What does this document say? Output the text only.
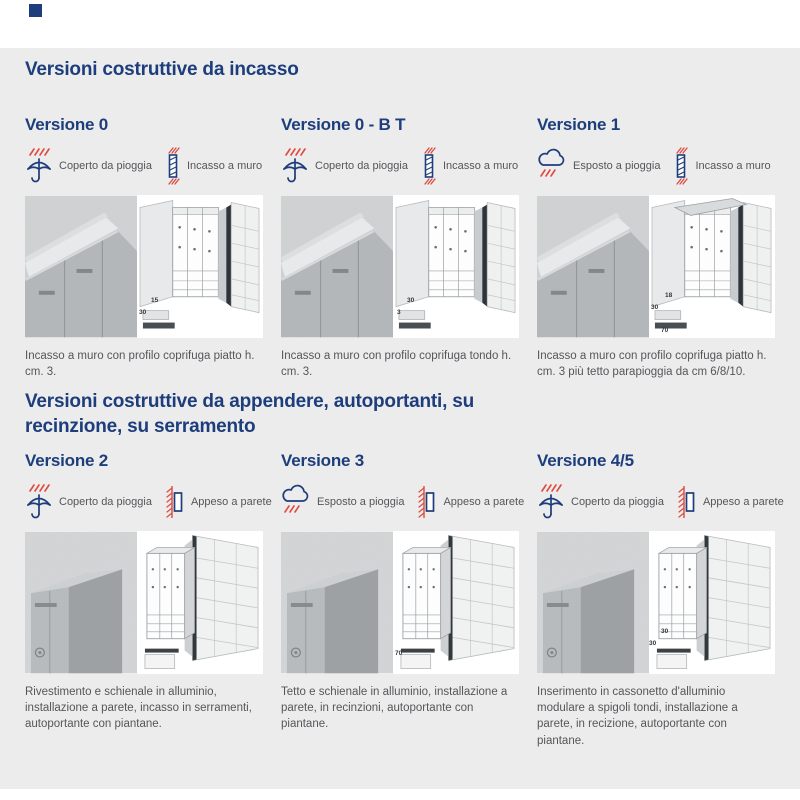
Versioni costruttive da incasso
Versione 0
Coperto da pioggia	Incasso a muro
15
30

Incasso a muro con profilo coprifuga piatto h. cm. 3.

Versione 0 - B T
Coperto da pioggia	Incasso a muro
30
3

Incasso a muro con profilo coprifuga tondo h. cm. 3.

Versione 1
Esposto a pioggia	Incasso a muro
18
30
70

Incasso a muro con profilo coprifuga piatto h. cm. 3 più tetto parapioggia da cm 6/8/10.

Versioni costruttive da appendere, autoportanti, su recinzione, su serramento
Versione 2
Coperto da pioggia	Appeso a parete

Rivestimento e schienale in alluminio, installazione a parete, incasso in serramenti, autoportante con piantane.

Versione 3
Esposto a pioggia	Appeso a parete
70

Tetto e schienale in alluminio, installazione a parete, in recinzioni, autoportante con piantane.

Versione 4/5
Coperto da pioggia	Appeso a parete
30
30

Inserimento in cassonetto d'alluminio modulare a spigoli tondi, installazione a parete, in recizione, autoportante con piantane.
